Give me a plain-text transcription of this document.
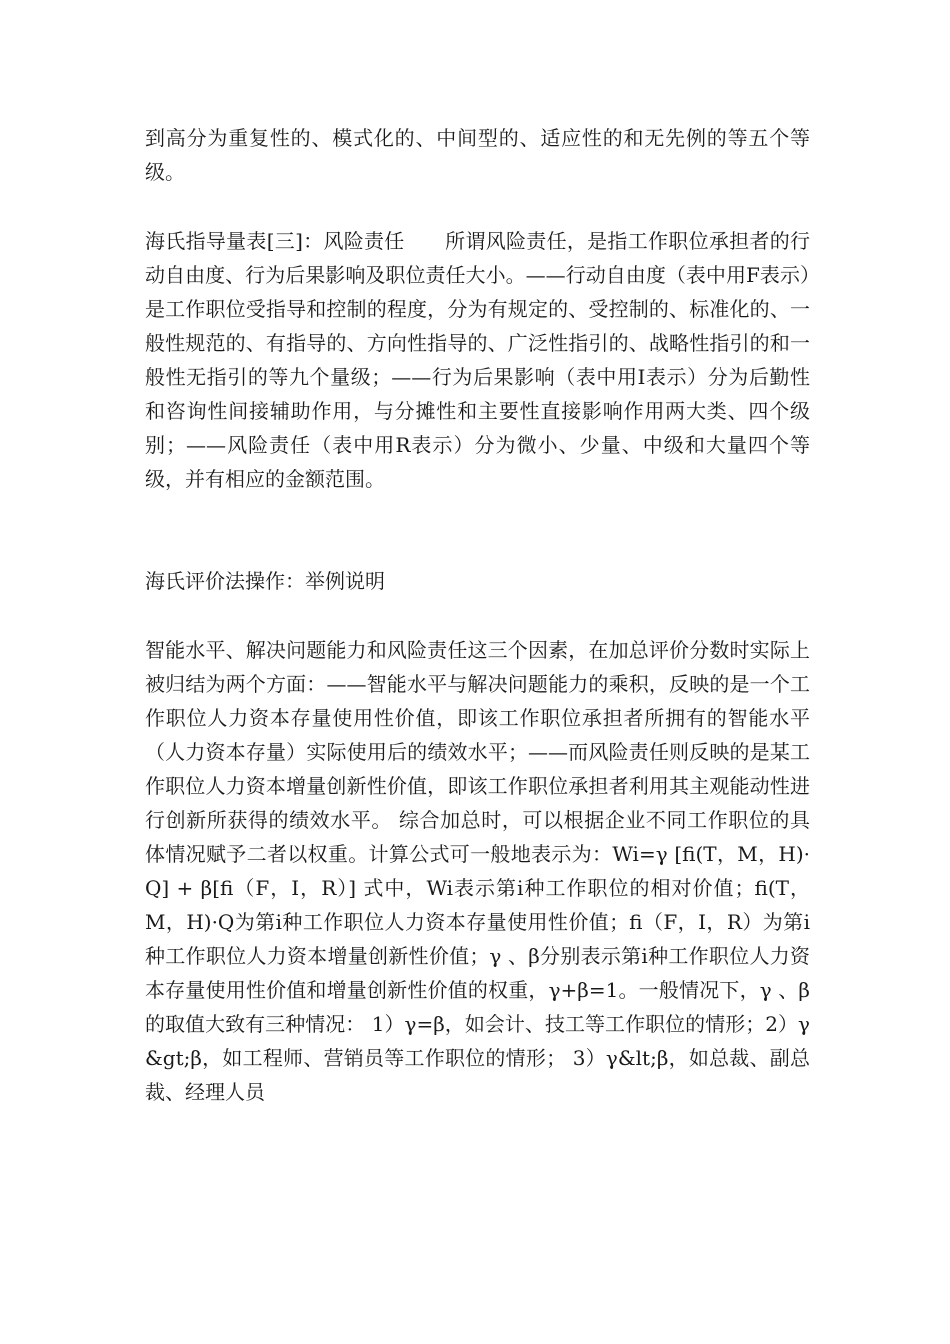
到高分为重复性的、模式化的、中间型的、适应性的和无先例的等五个等级。

海氏指导量表[三]：风险责任　　所谓风险责任，是指工作职位承担者的行动自由度、行为后果影响及职位责任大小。——行动自由度（表中用F表示）是工作职位受指导和控制的程度，分为有规定的、受控制的、标准化的、一般性规范的、有指导的、方向性指导的、广泛性指引的、战略性指引的和一般性无指引的等九个量级；——行为后果影响（表中用I表示）分为后勤性和咨询性间接辅助作用，与分摊性和主要性直接影响作用两大类、四个级别；——风险责任（表中用R表示）分为微小、少量、中级和大量四个等级，并有相应的金额范围。

海氏评价法操作：举例说明

智能水平、解决问题能力和风险责任这三个因素，在加总评价分数时实际上被归结为两个方面：——智能水平与解决问题能力的乘积，反映的是一个工作职位人力资本存量使用性价值，即该工作职位承担者所拥有的智能水平（人力资本存量）实际使用后的绩效水平；——而风险责任则反映的是某工作职位人力资本增量创新性价值，即该工作职位承担者利用其主观能动性进行创新所获得的绩效水平。 综合加总时，可以根据企业不同工作职位的具体情况赋予二者以权重。计算公式可一般地表示为：Wi=γ [fi(T，M，H)·Q] + β[fi（F，I，R）] 式中，Wi表示第i种工作职位的相对价值；fi(T，M，H)·Q为第i种工作职位人力资本存量使用性价值；fi（F，I，R）为第i种工作职位人力资本增量创新性价值；γ 、β分别表示第i种工作职位人力资本存量使用性价值和增量创新性价值的权重，γ+β=1。一般情况下，γ 、β的取值大致有三种情况： 1）γ=β，如会计、技工等工作职位的情形；2）γ&gt;β，如工程师、营销员等工作职位的情形； 3）γ&lt;β，如总裁、副总裁、经理人员
